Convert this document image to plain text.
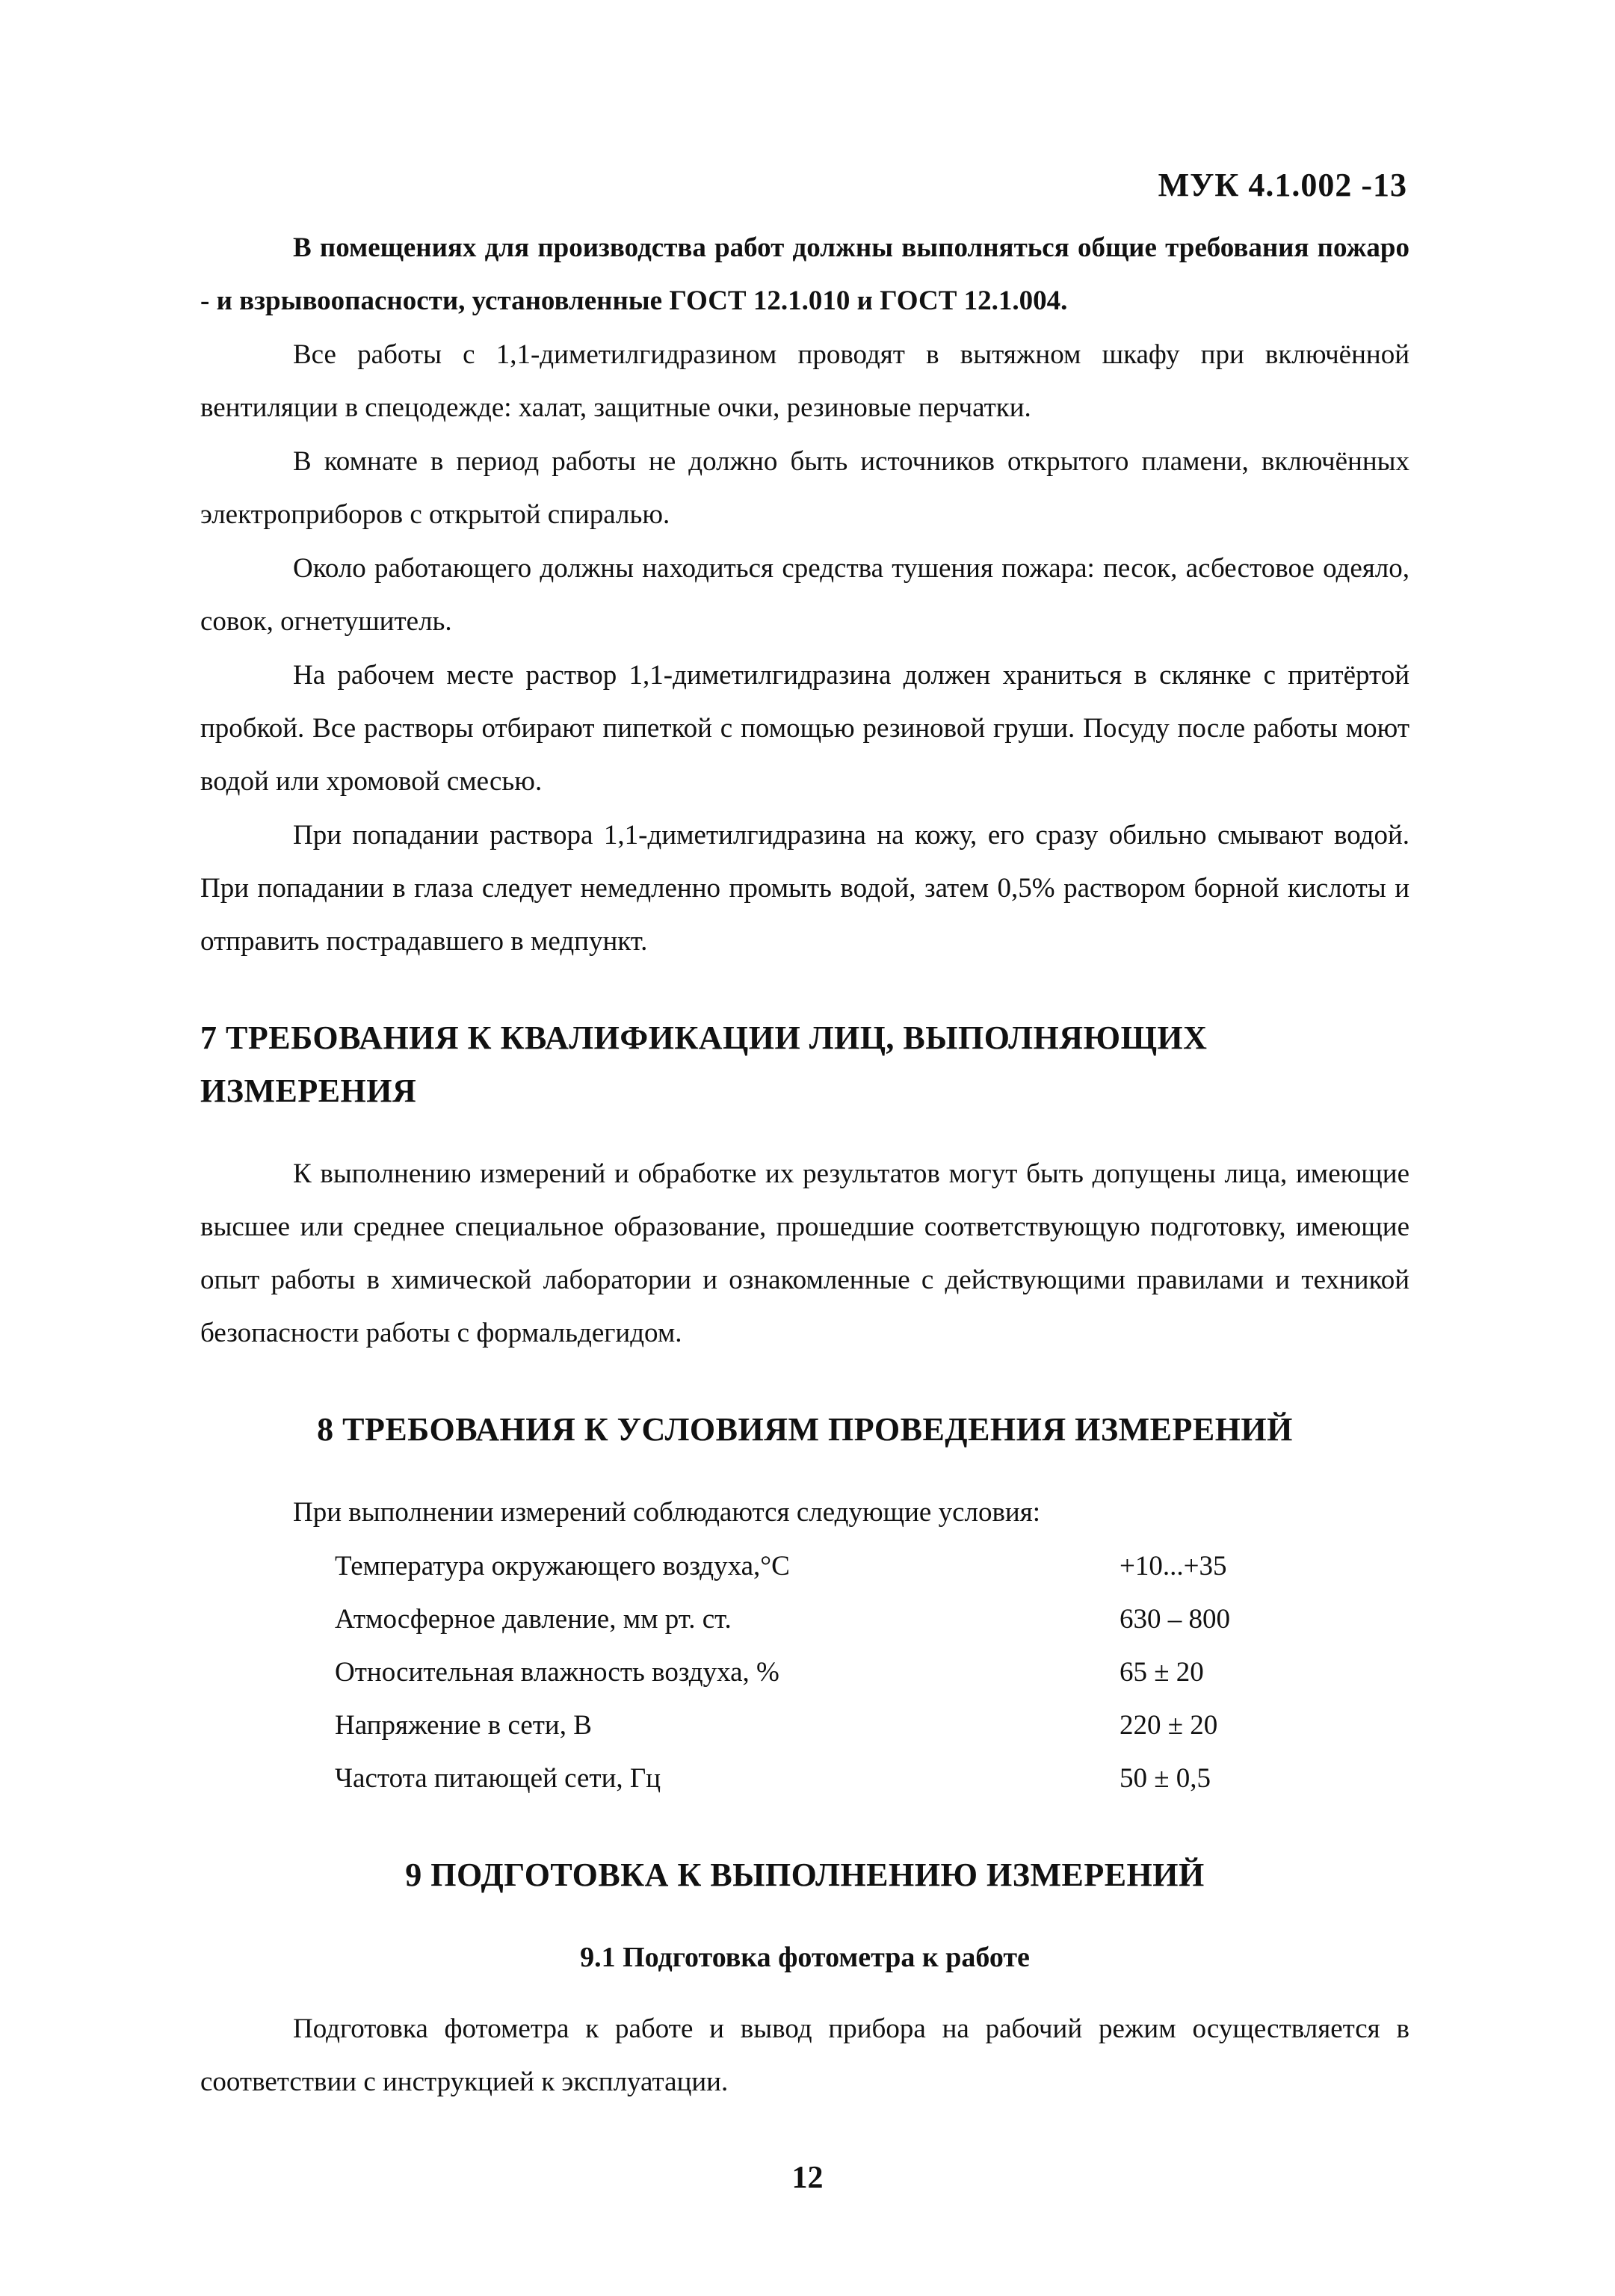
МУК 4.1.002 -13

В помещениях для производства работ должны выполняться общие требования пожаро - и взрывоопасности, установленные ГОСТ 12.1.010 и ГОСТ 12.1.004.

Все работы с 1,1-диметилгидразином проводят в вытяжном шкафу при включённой вентиляции в спецодежде: халат, защитные очки, резиновые перчатки.

В комнате в период работы не должно быть источников открытого пламени, включённых электроприборов с открытой спиралью.

Около работающего должны находиться средства тушения пожара: песок, асбестовое одеяло, совок, огнетушитель.

На рабочем месте раствор 1,1-диметилгидразина должен храниться в склянке с притёртой пробкой. Все растворы отбирают пипеткой с помощью резиновой груши. Посуду после работы моют водой или хромовой смесью.

При попадании раствора 1,1-диметилгидразина на кожу, его сразу обильно смывают водой. При попадании в глаза следует немедленно промыть водой, затем 0,5% раствором борной кислоты и отправить пострадавшего в медпункт.

7 ТРЕБОВАНИЯ К КВАЛИФИКАЦИИ ЛИЦ, ВЫПОЛНЯЮЩИХ ИЗМЕРЕНИЯ

К выполнению измерений и обработке их результатов могут быть допущены лица, имеющие высшее или среднее специальное образование, прошедшие соответствующую подготовку, имеющие опыт работы в химической лаборатории и ознакомленные с действующими правилами и техникой безопасности работы с формальдегидом.

8 ТРЕБОВАНИЯ К УСЛОВИЯМ ПРОВЕДЕНИЯ ИЗМЕРЕНИЙ

При выполнении измерений соблюдаются следующие условия:

Температура окружающего воздуха,°С	+10...+35
Атмосферное давление, мм рт. ст.	630 – 800
Относительная влажность воздуха, %	65 ± 20
Напряжение в сети, В	220 ± 20
Частота питающей сети, Гц	50 ± 0,5
9 ПОДГОТОВКА К ВЫПОЛНЕНИЮ ИЗМЕРЕНИЙ
9.1 Подготовка фотометра к работе

Подготовка фотометра к работе и вывод прибора на рабочий режим осуществляется в соответствии с инструкцией к эксплуатации.

12
